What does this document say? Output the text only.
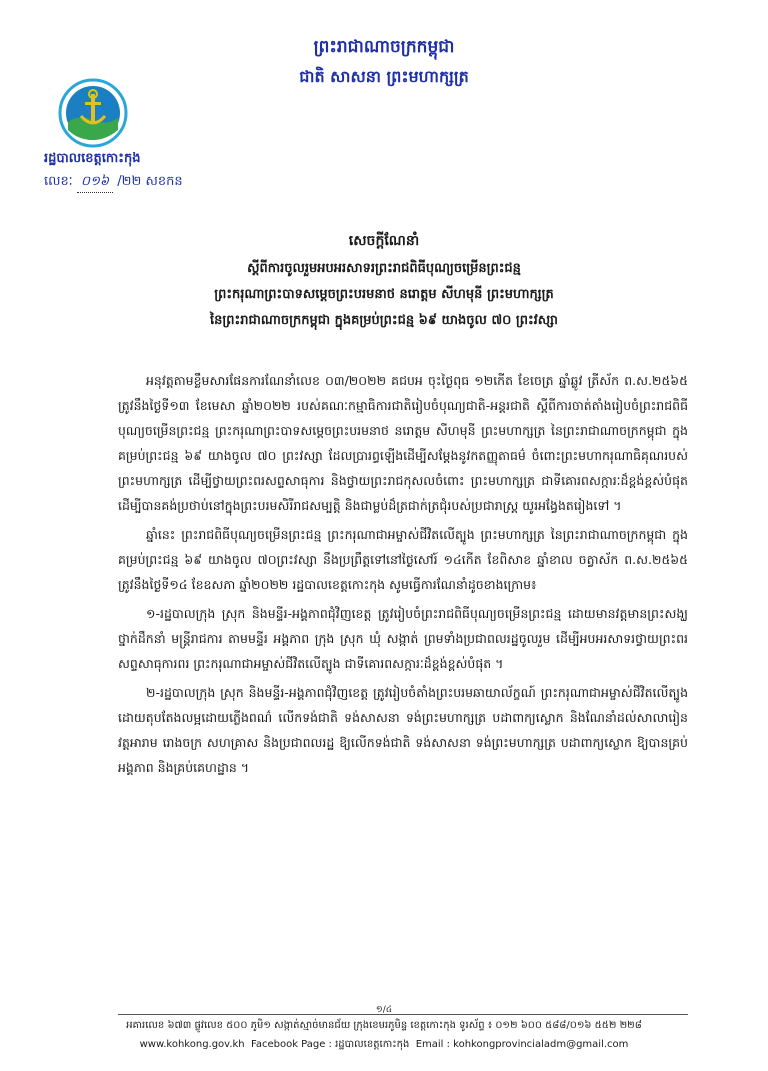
ព្រះរាជាណាចក្រកម្ពុជា
ជាតិ សាសនា ព្រះមហាក្សត្រ
រដ្ឋបាលខេត្តកោះកុង
លេខៈ ០១៦ /២២ សខកន
សេចក្ដីណែនាំ
ស្ដីពីការចូលរួមអបអរសាទរព្រះរាជពិធីបុណ្យចម្រើនព្រះជន្ម
ព្រះករុណាព្រះបាទសម្ដេចព្រះបរមនាថ នរោត្តម សីហមុនី ព្រះមហាក្សត្រ
នៃព្រះរាជាណាចក្រកម្ពុជា ក្នុងគម្រប់ព្រះជន្ម ៦៩ យាងចូល ៧០ ព្រះវស្សា

អនុវត្តតាមខ្លឹមសារផែនការណែនាំលេខ ០៣/២០២២ គជបអ ចុះថ្ងៃពុធ ១២កើត ខែចេត្រ ឆ្នាំឆ្លូវ ត្រីស័ក ព.ស.២៥៦៥ ត្រូវនឹងថ្ងៃទី១៣ ខែមេសា ឆ្នាំ២០២២ របស់គណៈកម្មាធិការជាតិរៀបចំបុណ្យជាតិ-អន្តរជាតិ ស្ដីពីការចាត់តាំងរៀបចំព្រះរាជពិធីបុណ្យចម្រើនព្រះជន្ម ព្រះករុណាព្រះបាទសម្ដេចព្រះបរមនាថ នរោត្តម សីហមុនី ព្រះមហាក្សត្រ នៃព្រះរាជាណាចក្រកម្ពុជា ក្នុងគម្រប់ព្រះជន្ម ៦៩ យាងចូល ៧០ ព្រះវស្សា ដែលប្រារព្ធឡើងដើម្បីសម្ដែងនូវកតញ្ញុតាធម៌ ចំពោះព្រះមហាករុណាធិគុណរបស់ ព្រះមហាក្សត្រ ដើម្បីថ្វាយព្រះពរសព្ទសាធុការ និងថ្វាយព្រះរាជកុសលចំពោះ ព្រះមហាក្សត្រ ជាទីគោរពសក្ការៈដ៏ខ្ពង់ខ្ពស់បំផុត ដើម្បីបានគង់ប្រថាប់នៅក្នុងព្រះបរមសិរីរាជសម្បត្តិ និងជាម្លប់ដ៏ត្រជាក់ត្រជុំរបស់ប្រជារាស្ត្រ យូរអង្វែងតរៀងទៅ ។

ឆ្នាំនេះ ព្រះរាជពិធីបុណ្យចម្រើនព្រះជន្ម ព្រះករុណាជាអម្ចាស់ជីវិតលើត្បូង ព្រះមហាក្សត្រ នៃព្រះរាជាណាចក្រកម្ពុជា ក្នុងគម្រប់ព្រះជន្ម ៦៩ យាងចូល ៧០ព្រះវស្សា នឹងប្រព្រឹត្តទៅនៅថ្ងៃសៅរ៍ ១៤កើត ខែពិសាខ ឆ្នាំខាល ចត្វាស័ក ព.ស.២៥៦៥ ត្រូវនឹងថ្ងៃទី១៤ ខែឧសភា ឆ្នាំ២០២២ រដ្ឋបាលខេត្តកោះកុង សូមធ្វើការណែនាំដូចខាងក្រោម៖

១-រដ្ឋបាលក្រុង ស្រុក និងមន្ទីរ-អង្គភាពជុំវិញខេត្ត ត្រូវរៀបចំព្រះរាជពិធីបុណ្យចម្រើនព្រះជន្ម ដោយមានវត្តមានព្រះសង្ឃ ថ្នាក់ដឹកនាំ មន្ត្រីរាជការ តាមមន្ទីរ អង្គភាព ក្រុង ស្រុក ឃុំ សង្កាត់ ព្រមទាំងប្រជាពលរដ្ឋចូលរួម ដើម្បីអបអរសាទរថ្វាយព្រះពរសព្ទសាធុការពរ ព្រះករុណាជាអម្ចាស់ជីវិតលើត្បូង ជាទីគោរពសក្ការៈដ៏ខ្ពង់ខ្ពស់បំផុត ។

២-រដ្ឋបាលក្រុង ស្រុក និងមន្ទីរ-អង្គភាពជុំវិញខេត្ត ត្រូវរៀបចំតាំងព្រះបរមឆាយាល័ក្ខណ៍ ព្រះករុណាជាអម្ចាស់ជីវិតលើត្បូង ដោយតុបតែងលម្អដោយភ្លើងពណ៌ លើកទង់ជាតិ ទង់សាសនា ទង់ព្រះមហាក្សត្រ បដាពាក្យស្លោក និងណែនាំដល់សាលារៀន វត្តអារាម រោងចក្រ សហគ្រាស និងប្រជាពលរដ្ឋ ឱ្យលើកទង់ជាតិ ទង់សាសនា ទង់ព្រះមហាក្សត្រ បដាពាក្យស្លោក ឱ្យបានគ្រប់អង្គភាព និងគ្រប់គេហដ្ឋាន ។

១/៤
អគារលេខ ៦៧៣ ផ្លូវលេខ ៥០០ ភូមិ១ សង្កាត់ស្មាច់មានជ័យ ក្រុងខេមរភូមិន្ទ ខេត្តកោះកុង ទូរស័ព្ទ ៖ ០១២ ៦០០ ៥៨៨/០១៦ ៥៥២ ២២៨
www.kohkong.gov.kh Facebook Page : រដ្ឋបាលខេត្តកោះកុង Email : kohkongprovincialadm@gmail.com
